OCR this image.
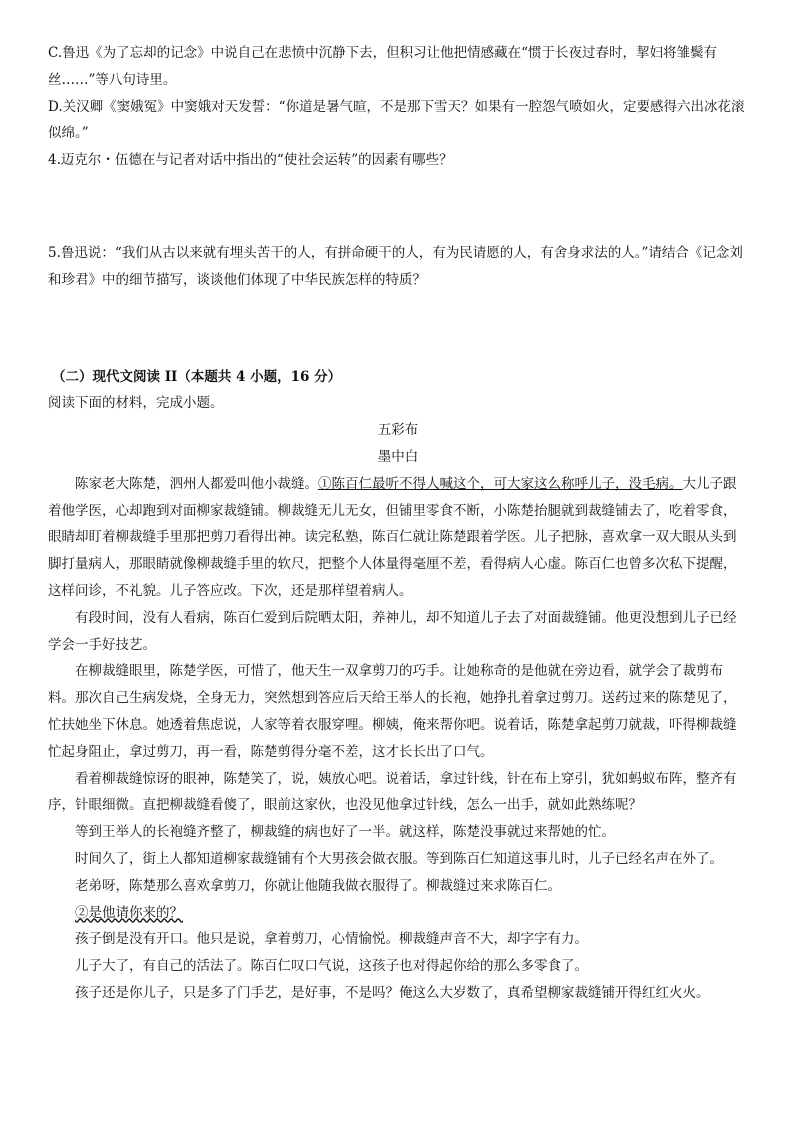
C.鲁迅《为了忘却的记念》中说自己在悲愤中沉静下去，但积习让他把情感藏在“惯于长夜过春时，挈妇将雏鬓有丝……”等八句诗里。

D.关汉卿《窦娥冤》中窦娥对天发誓：“你道是暑气暄，不是那下雪天？如果有一腔怨气喷如火，定要感得六出冰花滚似绵。”

4.迈克尔・伍德在与记者对话中指出的“使社会运转”的因素有哪些？

5.鲁迅说：“我们从古以来就有埋头苦干的人，有拼命硬干的人，有为民请愿的人，有舍身求法的人。”请结合《记念刘和珍君》中的细节描写，谈谈他们体现了中华民族怎样的特质？

（二）现代文阅读 II（本题共 4 小题，16 分）

阅读下面的材料，完成小题。

五彩布

墨中白

陈家老大陈楚，泗州人都爱叫他小裁缝。①陈百仁最听不得人喊这个，可大家这么称呼儿子，没毛病。大儿子跟着他学医，心却跑到对面柳家裁缝铺。柳裁缝无儿无女，但铺里零食不断，小陈楚抬腿就到裁缝铺去了，吃着零食，眼睛却盯着柳裁缝手里那把剪刀看得出神。读完私塾，陈百仁就让陈楚跟着学医。儿子把脉，喜欢拿一双大眼从头到脚打量病人，那眼睛就像柳裁缝手里的软尺，把整个人体量得毫厘不差，看得病人心虚。陈百仁也曾多次私下提醒，这样问诊，不礼貌。儿子答应改。下次，还是那样望着病人。

有段时间，没有人看病，陈百仁爱到后院晒太阳，养神儿，却不知道儿子去了对面裁缝铺。他更没想到儿子已经学会一手好技艺。

在柳裁缝眼里，陈楚学医，可惜了，他天生一双拿剪刀的巧手。让她称奇的是他就在旁边看，就学会了裁剪布料。那次自己生病发烧，全身无力，突然想到答应后天给王举人的长袍，她挣扎着拿过剪刀。送药过来的陈楚见了，忙扶她坐下休息。她透着焦虑说，人家等着衣服穿哩。柳姨，俺来帮你吧。说着话，陈楚拿起剪刀就裁，吓得柳裁缝忙起身阻止，拿过剪刀，再一看，陈楚剪得分毫不差，这才长长出了口气。

看着柳裁缝惊讶的眼神，陈楚笑了，说，姨放心吧。说着话，拿过针线，针在布上穿引，犹如蚂蚁布阵，整齐有序，针眼细微。直把柳裁缝看傻了，眼前这家伙，也没见他拿过针线，怎么一出手，就如此熟练呢？

等到王举人的长袍缝齐整了，柳裁缝的病也好了一半。就这样，陈楚没事就过来帮她的忙。

时间久了，街上人都知道柳家裁缝铺有个大男孩会做衣服。等到陈百仁知道这事儿时，儿子已经名声在外了。

老弟呀，陈楚那么喜欢拿剪刀，你就让他随我做衣服得了。柳裁缝过来求陈百仁。

②是他请你来的？

孩子倒是没有开口。他只是说，拿着剪刀，心情愉悦。柳裁缝声音不大，却字字有力。

儿子大了，有自己的活法了。陈百仁叹口气说，这孩子也对得起你给的那么多零食了。

孩子还是你儿子，只是多了门手艺，是好事，不是吗？俺这么大岁数了，真希望柳家裁缝铺开得红红火火。
